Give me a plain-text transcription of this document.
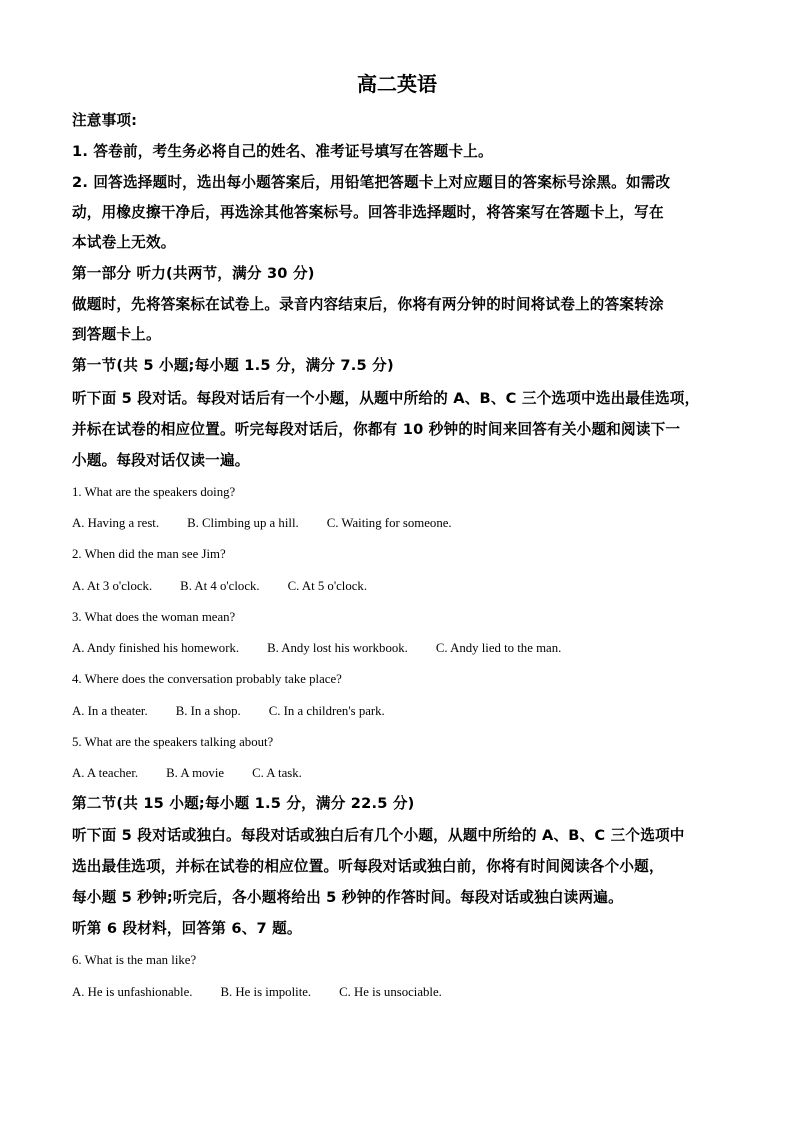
高二英语
注意事项:
1. 答卷前，考生务必将自己的姓名、准考证号填写在答题卡上。
2. 回答选择题时，选出每小题答案后，用铅笔把答题卡上对应题目的答案标号涂黑。如需改
动，用橡皮擦干净后，再选涂其他答案标号。回答非选择题时，将答案写在答题卡上，写在
本试卷上无效。
第一部分 听力(共两节，满分 30 分)
做题时，先将答案标在试卷上。录音内容结束后，你将有两分钟的时间将试卷上的答案转涂
到答题卡上。
第一节(共 5 小题;每小题 1.5 分，满分 7.5 分)
听下面 5 段对话。每段对话后有一个小题，从题中所给的 A、B、C 三个选项中选出最佳选项，
并标在试卷的相应位置。听完每段对话后，你都有 10 秒钟的时间来回答有关小题和阅读下一
小题。每段对话仅读一遍。
1. What are the speakers doing?
A. Having a rest. B. Climbing up a hill. C. Waiting for someone.
2. When did the man see Jim?
A. At 3 o'clock. B. At 4 o'clock. C. At 5 o'clock.
3. What does the woman mean?
A. Andy finished his homework. B. Andy lost his workbook. C. Andy lied to the man.
4. Where does the conversation probably take place?
A. In a theater. B. In a shop. C. In a children's park.
5. What are the speakers talking about?
A. A teacher. B. A movie C. A task.
第二节(共 15 小题;每小题 1.5 分，满分 22.5 分)
听下面 5 段对话或独白。每段对话或独白后有几个小题，从题中所给的 A、B、C 三个选项中
选出最佳选项，并标在试卷的相应位置。听每段对话或独白前，你将有时间阅读各个小题，
每小题 5 秒钟;听完后，各小题将给出 5 秒钟的作答时间。每段对话或独白读两遍。
听第 6 段材料，回答第 6、7 题。
6. What is the man like?
A. He is unfashionable. B. He is impolite. C. He is unsociable.
